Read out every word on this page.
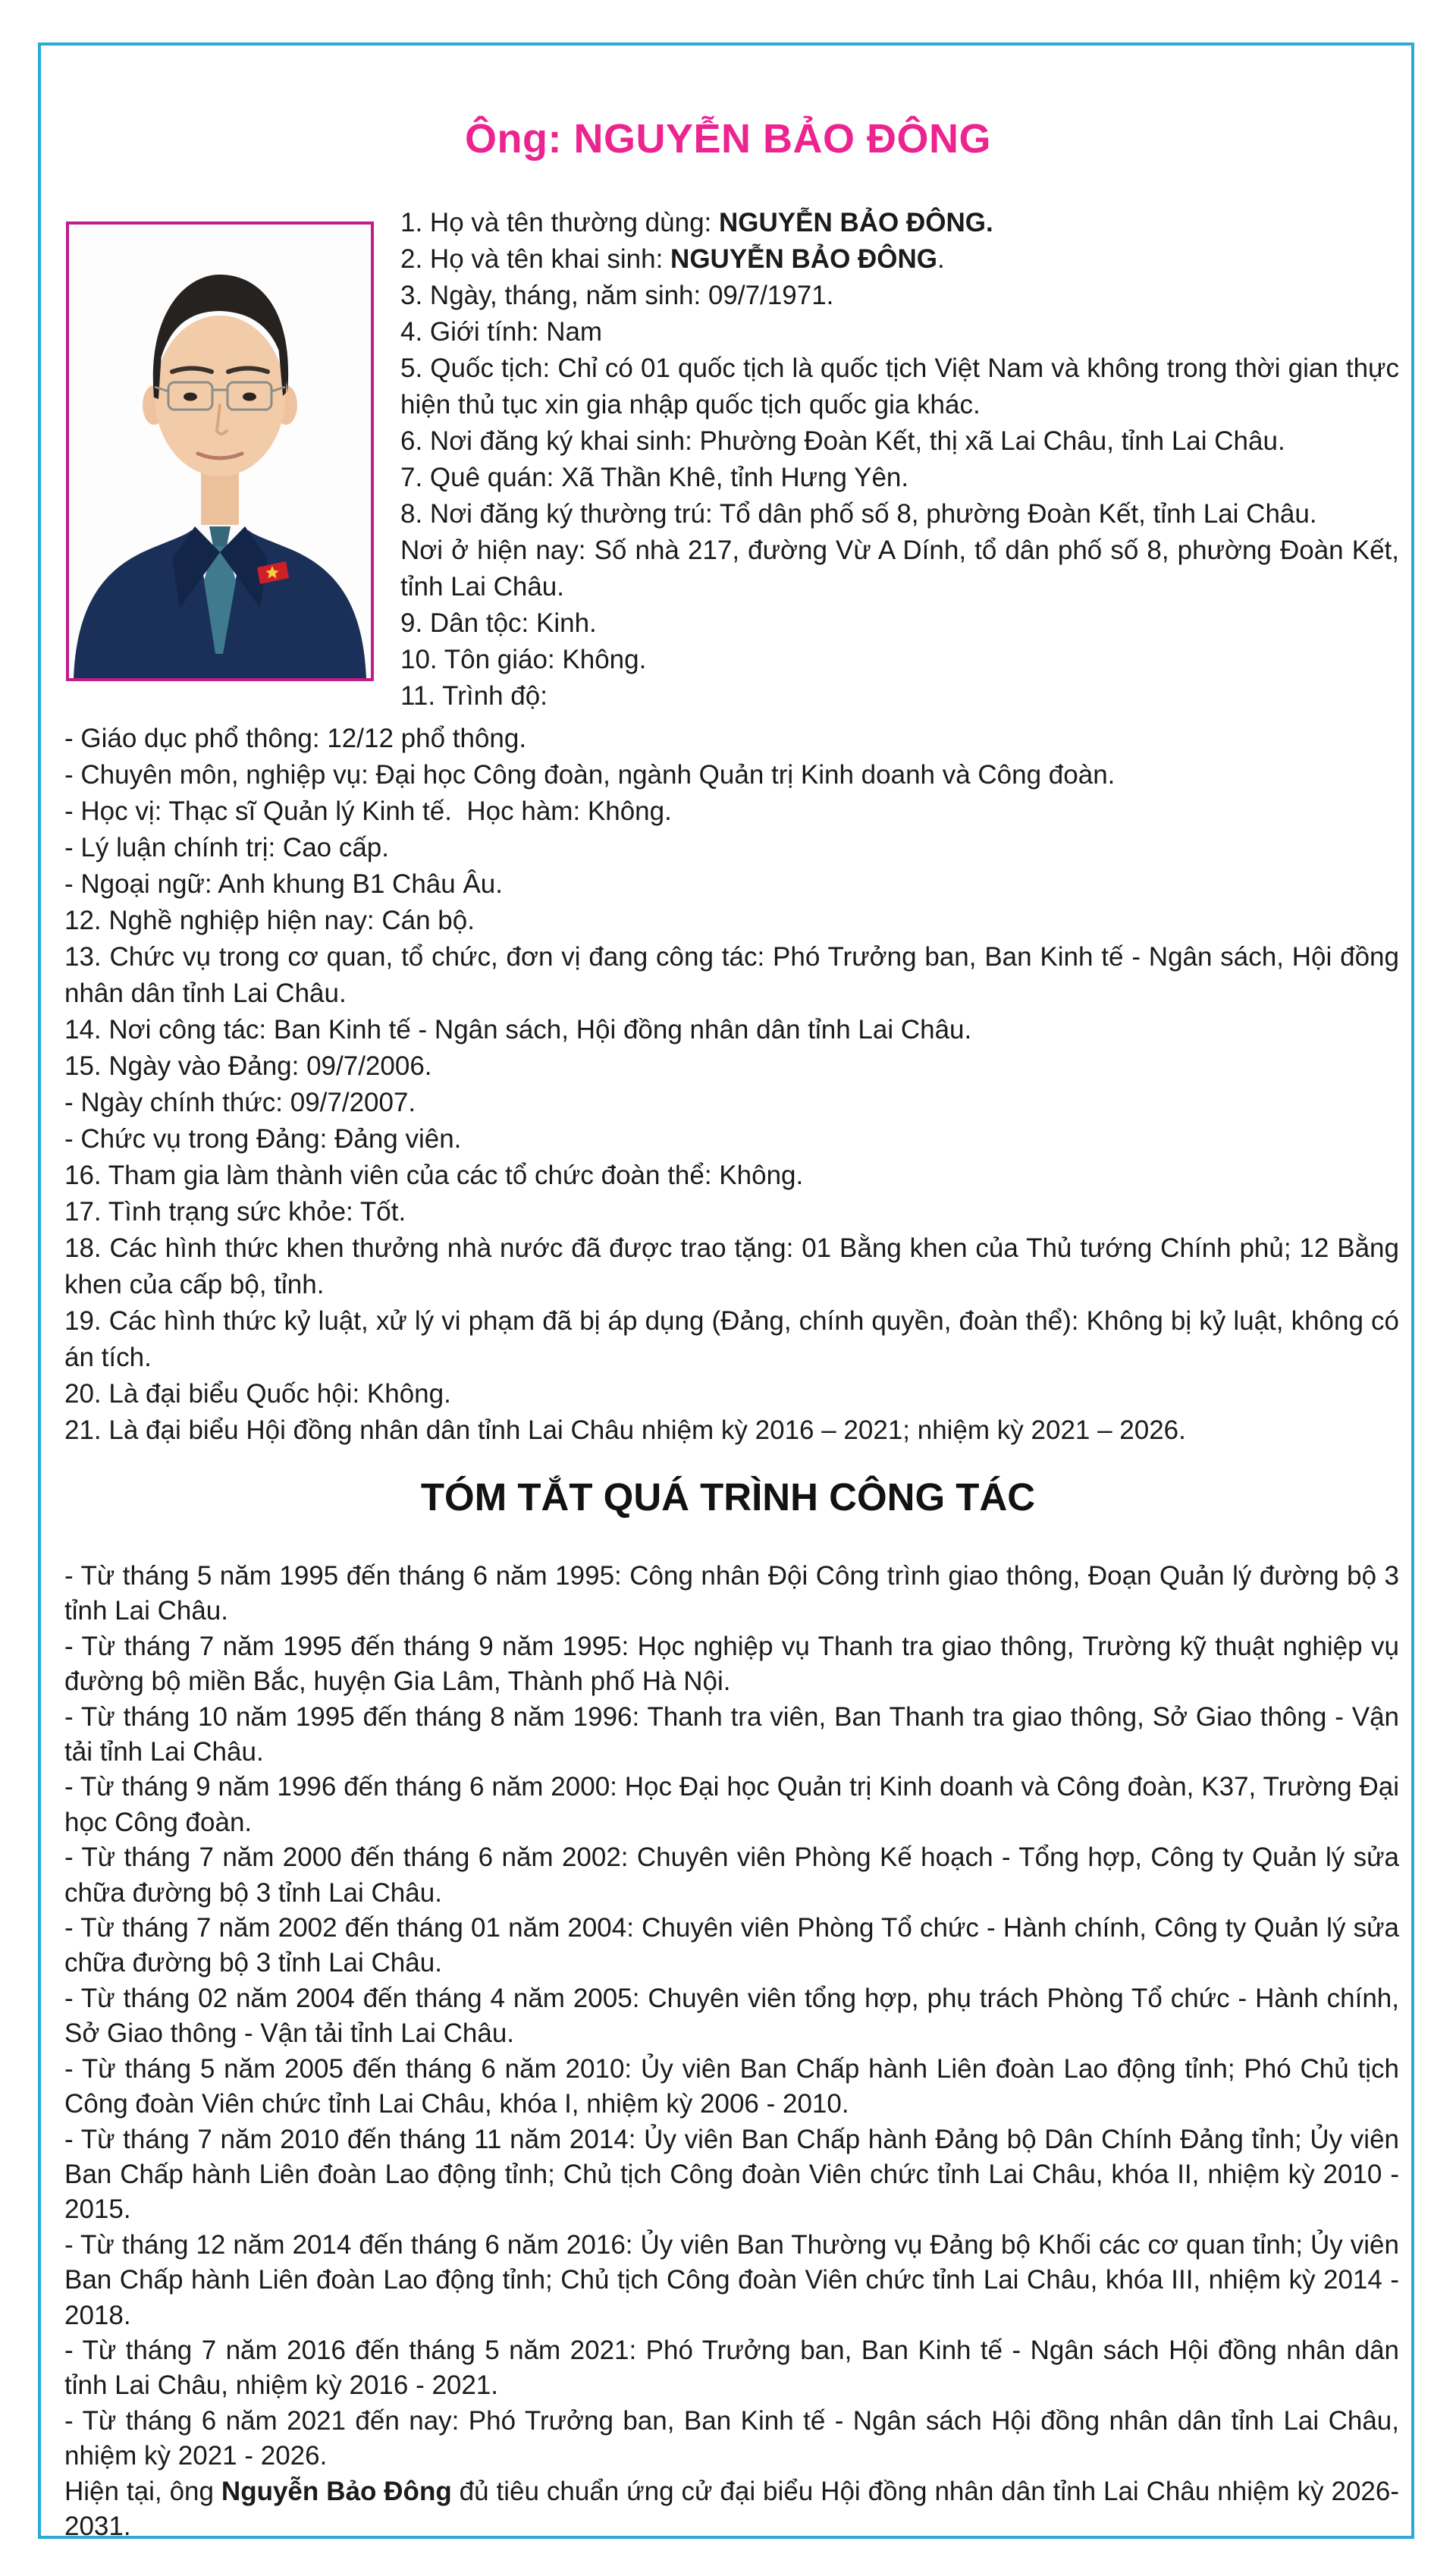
Ông: NGUYỄN BẢO ĐÔNG

1. Họ và tên thường dùng: NGUYỄN BẢO ĐÔNG.

2. Họ và tên khai sinh: NGUYỄN BẢO ĐÔNG.

3. Ngày, tháng, năm sinh: 09/7/1971.

4. Giới tính: Nam

5. Quốc tịch: Chỉ có 01 quốc tịch là quốc tịch Việt Nam và không trong thời gian thực hiện thủ tục xin gia nhập quốc tịch quốc gia khác.

6. Nơi đăng ký khai sinh: Phường Đoàn Kết, thị xã Lai Châu, tỉnh Lai Châu.

7. Quê quán: Xã Thần Khê, tỉnh Hưng Yên.

8. Nơi đăng ký thường trú: Tổ dân phố số 8, phường Đoàn Kết, tỉnh Lai Châu.

Nơi ở hiện nay: Số nhà 217, đường Vừ A Dính, tổ dân phố số 8, phường Đoàn Kết, tỉnh Lai Châu.

9. Dân tộc: Kinh.

10. Tôn giáo: Không.

11. Trình độ:

- Giáo dục phổ thông: 12/12 phổ thông.

- Chuyên môn, nghiệp vụ: Đại học Công đoàn, ngành Quản trị Kinh doanh và Công đoàn.

- Học vị: Thạc sĩ Quản lý Kinh tế.  Học hàm: Không.

- Lý luận chính trị: Cao cấp.

- Ngoại ngữ: Anh khung B1 Châu Âu.

12. Nghề nghiệp hiện nay: Cán bộ.

13. Chức vụ trong cơ quan, tổ chức, đơn vị đang công tác: Phó Trưởng ban, Ban Kinh tế - Ngân sách, Hội đồng nhân dân tỉnh Lai Châu.

14. Nơi công tác: Ban Kinh tế - Ngân sách, Hội đồng nhân dân tỉnh Lai Châu.

15. Ngày vào Đảng: 09/7/2006.

- Ngày chính thức: 09/7/2007.

- Chức vụ trong Đảng: Đảng viên.

16. Tham gia làm thành viên của các tổ chức đoàn thể: Không.

17. Tình trạng sức khỏe: Tốt.

18. Các hình thức khen thưởng nhà nước đã được trao tặng: 01 Bằng khen của Thủ tướng Chính phủ; 12 Bằng khen của cấp bộ, tỉnh.

19. Các hình thức kỷ luật, xử lý vi phạm đã bị áp dụng (Đảng, chính quyền, đoàn thể): Không bị kỷ luật, không có án tích.

20. Là đại biểu Quốc hội: Không.

21. Là đại biểu Hội đồng nhân dân tỉnh Lai Châu nhiệm kỳ 2016 – 2021; nhiệm kỳ 2021 – 2026.

TÓM TẮT QUÁ TRÌNH CÔNG TÁC

- Từ tháng 5 năm 1995 đến tháng 6 năm 1995: Công nhân Đội Công trình giao thông, Đoạn Quản lý đường bộ 3 tỉnh Lai Châu.

- Từ tháng 7 năm 1995 đến tháng 9 năm 1995: Học nghiệp vụ Thanh tra giao thông, Trường kỹ thuật nghiệp vụ đường bộ miền Bắc, huyện Gia Lâm, Thành phố Hà Nội.

- Từ tháng 10 năm 1995 đến tháng 8 năm 1996: Thanh tra viên, Ban Thanh tra giao thông, Sở Giao thông - Vận tải tỉnh Lai Châu.

- Từ tháng 9 năm 1996 đến tháng 6 năm 2000: Học Đại học Quản trị Kinh doanh và Công đoàn, K37, Trường Đại học Công đoàn.

- Từ tháng 7 năm 2000 đến tháng 6 năm 2002: Chuyên viên Phòng Kế hoạch - Tổng hợp, Công ty Quản lý sửa chữa đường bộ 3 tỉnh Lai Châu.

- Từ tháng 7 năm 2002 đến tháng 01 năm 2004: Chuyên viên Phòng Tổ chức - Hành chính, Công ty Quản lý sửa chữa đường bộ 3 tỉnh Lai Châu.

- Từ tháng 02 năm 2004 đến tháng 4 năm 2005: Chuyên viên tổng hợp, phụ trách Phòng Tổ chức - Hành chính, Sở Giao thông - Vận tải tỉnh Lai Châu.

- Từ tháng 5 năm 2005 đến tháng 6 năm 2010: Ủy viên Ban Chấp hành Liên đoàn Lao động tỉnh; Phó Chủ tịch Công đoàn Viên chức tỉnh Lai Châu, khóa I, nhiệm kỳ 2006 - 2010.

- Từ tháng 7 năm 2010 đến tháng 11 năm 2014: Ủy viên Ban Chấp hành Đảng bộ Dân Chính Đảng tỉnh; Ủy viên Ban Chấp hành Liên đoàn Lao động tỉnh; Chủ tịch Công đoàn Viên chức tỉnh Lai Châu, khóa II, nhiệm kỳ 2010 - 2015.

- Từ tháng 12 năm 2014 đến tháng 6 năm 2016: Ủy viên Ban Thường vụ Đảng bộ Khối các cơ quan tỉnh; Ủy viên Ban Chấp hành Liên đoàn Lao động tỉnh; Chủ tịch Công đoàn Viên chức tỉnh Lai Châu, khóa III, nhiệm kỳ 2014 - 2018.

- Từ tháng 7 năm 2016 đến tháng 5 năm 2021: Phó Trưởng ban, Ban Kinh tế - Ngân sách Hội đồng nhân dân tỉnh Lai Châu, nhiệm kỳ 2016 - 2021.

- Từ tháng 6 năm 2021 đến nay: Phó Trưởng ban, Ban Kinh tế - Ngân sách Hội đồng nhân dân tỉnh Lai Châu, nhiệm kỳ 2021 - 2026.

Hiện tại, ông Nguyễn Bảo Đông đủ tiêu chuẩn ứng cử đại biểu Hội đồng nhân dân tỉnh Lai Châu nhiệm kỳ 2026-2031.
